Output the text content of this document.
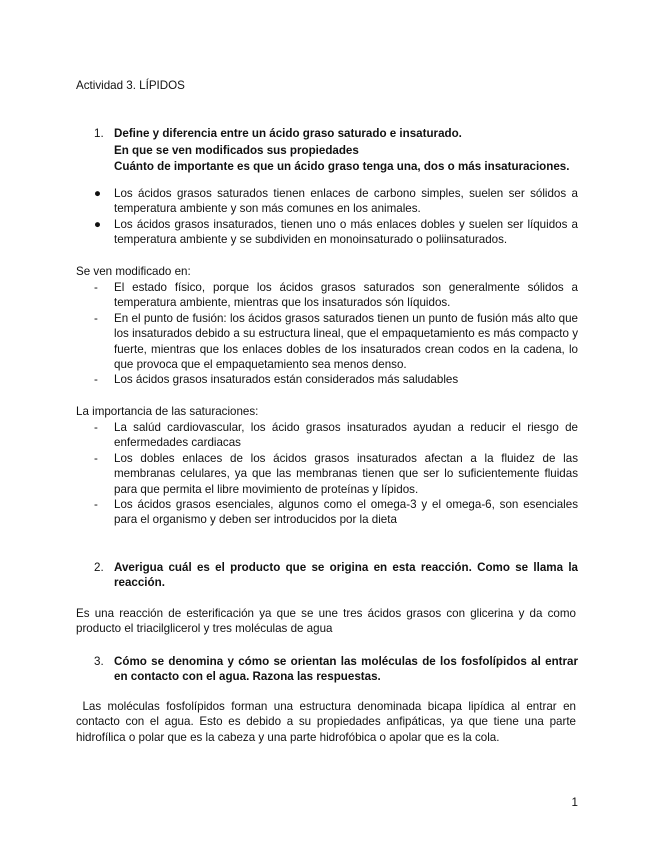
Actividad 3. LÍPIDOS
1. Define y diferencia entre un ácido graso saturado e insaturado.
En que se ven modificados sus propiedades
Cuánto de importante es que un ácido graso tenga una, dos o más insaturaciones.
●	Los ácidos grasos saturados tienen enlaces de carbono simples, suelen ser sólidos a temperatura ambiente y son más comunes en los animales.
●	Los ácidos grasos insaturados, tienen uno o más enlaces dobles y suelen ser líquidos a temperatura ambiente y se subdividen en monoinsaturado o poliinsaturados.
Se ven modificado en:
-	El estado físico, porque los ácidos grasos saturados son generalmente sólidos a temperatura ambiente, mientras que los insaturados són líquidos.
-	En el punto de fusión: los ácidos grasos saturados tienen un punto de fusión más alto que los insaturados debido a su estructura lineal, que el empaquetamiento es más compacto y fuerte, mientras que los enlaces dobles de los insaturados crean codos en la cadena, lo que provoca que el empaquetamiento sea menos denso.
-	Los ácidos grasos insaturados están considerados más saludables
La importancia de las saturaciones:
-	La salúd cardiovascular, los ácido grasos insaturados ayudan a reducir el riesgo de enfermedades cardiacas
-	Los dobles enlaces de los ácidos grasos insaturados afectan a la fluidez de las membranas celulares, ya que las membranas tienen que ser lo suficientemente fluidas para que permita el libre movimiento de proteínas y lípidos.
-	Los ácidos grasos esenciales, algunos como el omega-3 y el omega-6, son esenciales para el organismo y deben ser introducidos por la dieta
2. Averigua cuál es el producto que se origina en esta reacción. Como se llama la reacción.
Es una reacción de esterificación ya que se une tres ácidos grasos con glicerina y da como producto el triacilglicerol y tres moléculas de agua
3. Cómo se denomina y cómo se orientan las moléculas de los fosfolípidos al entrar en contacto con el agua. Razona las respuestas.
Las moléculas fosfolípidos forman una estructura denominada bicapa lipídica al entrar en contacto con el agua. Esto es debido a su propiedades anfipáticas, ya que tiene una parte hidrofílica o polar que es la cabeza y una parte hidrofóbica o apolar que es la cola.
1
